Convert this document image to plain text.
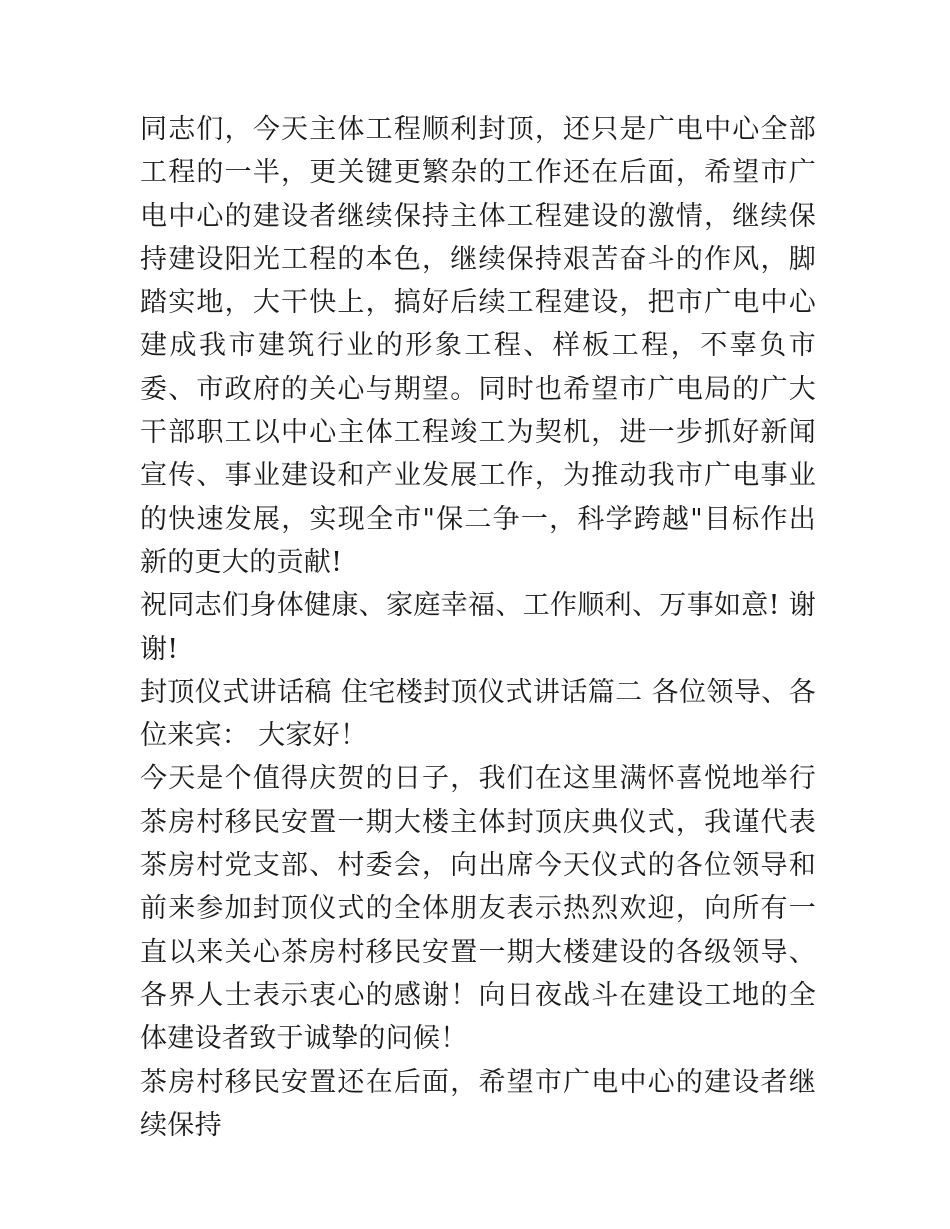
同志们，今天主体工程顺利封顶，还只是广电中心全部工程的一半，更关键更繁杂的工作还在后面，希望市广电中心的建设者继续保持主体工程建设的激情，继续保持建设阳光工程的本色，继续保持艰苦奋斗的作风，脚踏实地，大干快上，搞好后续工程建设，把市广电中心建成我市建筑行业的形象工程、样板工程，不辜负市委、市政府的关心与期望。同时也希望市广电局的广大干部职工以中心主体工程竣工为契机，进一步抓好新闻宣传、事业建设和产业发展工作，为推动我市广电事业的快速发展，实现全市"保二争一，科学跨越"目标作出新的更大的贡献!

祝同志们身体健康、家庭幸福、工作顺利、万事如意! 谢谢!

封顶仪式讲话稿 住宅楼封顶仪式讲话篇二 各位领导、各位来宾： 大家好！

今天是个值得庆贺的日子，我们在这里满怀喜悦地举行茶房村移民安置一期大楼主体封顶庆典仪式，我谨代表茶房村党支部、村委会，向出席今天仪式的各位领导和前来参加封顶仪式的全体朋友表示热烈欢迎，向所有一直以来关心茶房村移民安置一期大楼建设的各级领导、各界人士表示衷心的感谢！向日夜战斗在建设工地的全体建设者致于诚挚的问候！

茶房村移民安置还在后面，希望市广电中心的建设者继续保持
